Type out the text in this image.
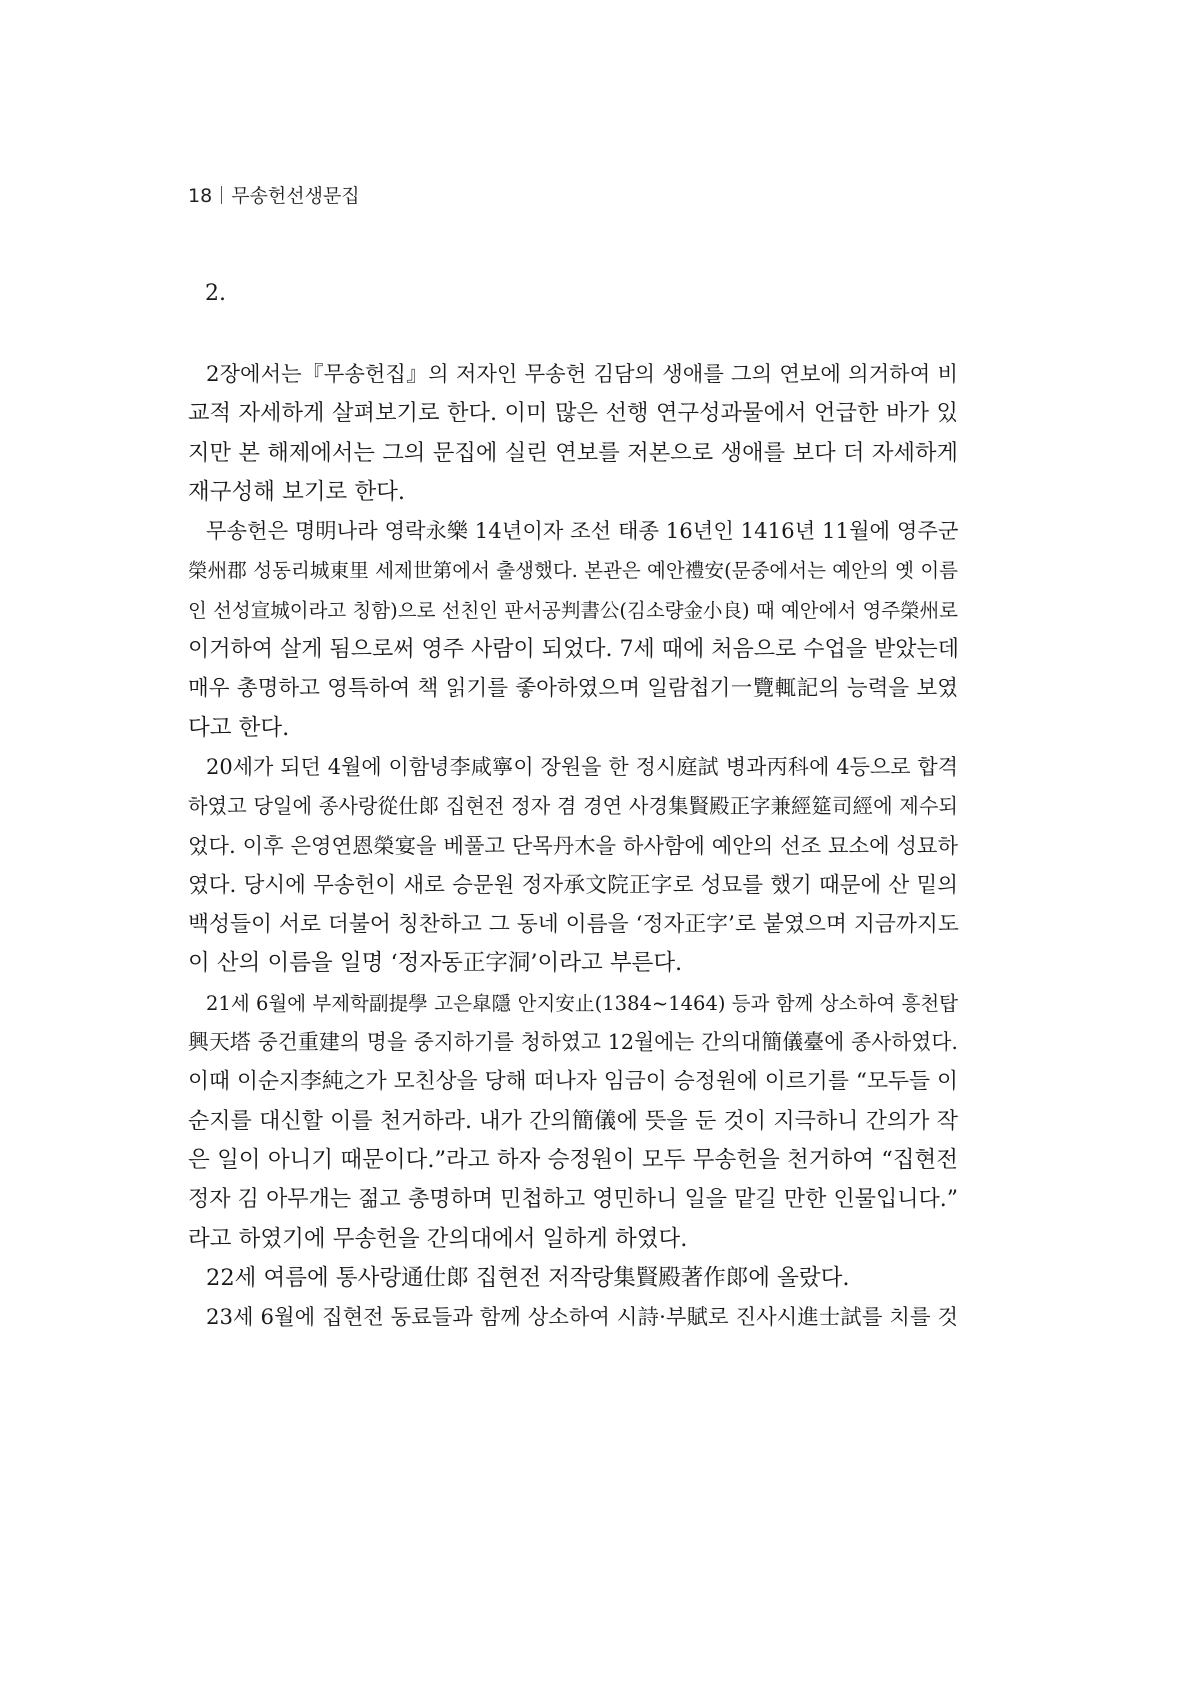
18 무송헌선생문집
2.
2장에서는『무송헌집』의 저자인 무송헌 김담의 생애를 그의 연보에 의거하여 비
교적 자세하게 살펴보기로 한다. 이미 많은 선행 연구성과물에서 언급한 바가 있
지만 본 해제에서는 그의 문집에 실린 연보를 저본으로 생애를 보다 더 자세하게
재구성해 보기로 한다.
무송헌은 명明나라 영락永樂 14년이자 조선 태종 16년인 1416년 11월에 영주군
榮州郡 성동리城東里 세제世第에서 출생했다. 본관은 예안禮安(문중에서는 예안의 옛 이름
인 선성宣城이라고 칭함)으로 선친인 판서공判書公(김소량金小良) 때 예안에서 영주榮州로
이거하여 살게 됨으로써 영주 사람이 되었다. 7세 때에 처음으로 수업을 받았는데
매우 총명하고 영특하여 책 읽기를 좋아하였으며 일람첩기一覽輒記의 능력을 보였
다고 한다.
20세가 되던 4월에 이함녕李咸寧이 장원을 한 정시庭試 병과丙科에 4등으로 합격
하였고 당일에 종사랑從仕郞 집현전 정자 겸 경연 사경集賢殿正字兼經筵司經에 제수되
었다. 이후 은영연恩榮宴을 베풀고 단목丹木을 하사함에 예안의 선조 묘소에 성묘하
였다. 당시에 무송헌이 새로 승문원 정자承文院正字로 성묘를 했기 때문에 산 밑의
백성들이 서로 더불어 칭찬하고 그 동네 이름을 ‘정자正字’로 붙였으며 지금까지도
이 산의 이름을 일명 ‘정자동正字洞’이라고 부른다.
21세 6월에 부제학副提學 고은皐隱 안지安止(1384~1464) 등과 함께 상소하여 흥천탑
興天塔 중건重建의 명을 중지하기를 청하였고 12월에는 간의대簡儀臺에 종사하였다.
이때 이순지李純之가 모친상을 당해 떠나자 임금이 승정원에 이르기를 “모두들 이
순지를 대신할 이를 천거하라. 내가 간의簡儀에 뜻을 둔 것이 지극하니 간의가 작
은 일이 아니기 때문이다.”라고 하자 승정원이 모두 무송헌을 천거하여 “집현전
정자 김 아무개는 젊고 총명하며 민첩하고 영민하니 일을 맡길 만한 인물입니다.”
라고 하였기에 무송헌을 간의대에서 일하게 하였다.
22세 여름에 통사랑通仕郞 집현전 저작랑集賢殿著作郞에 올랐다.
23세 6월에 집현전 동료들과 함께 상소하여 시詩·부賦로 진사시進士試를 치를 것
